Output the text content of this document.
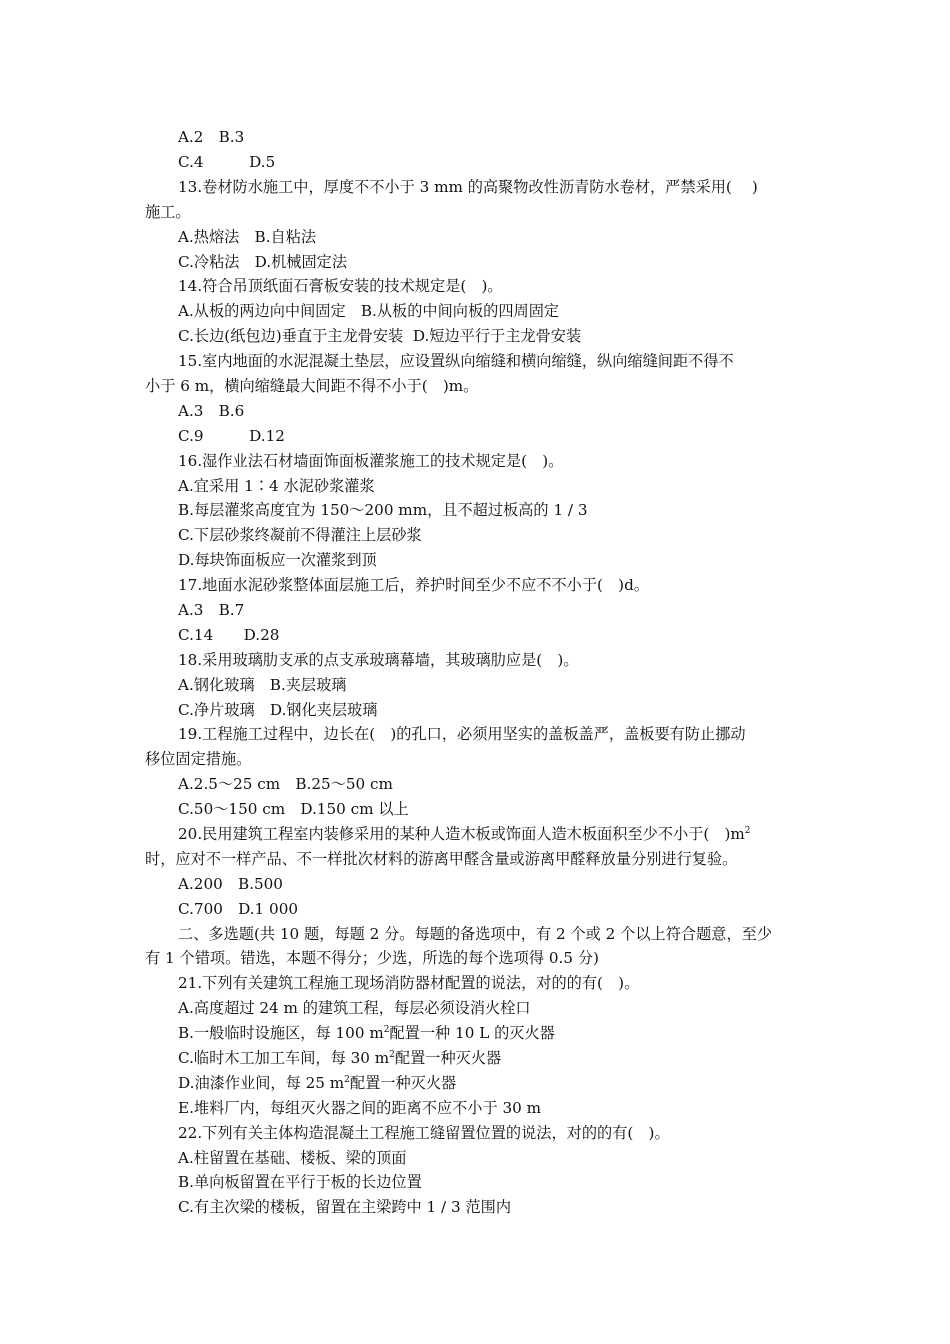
A.2　B.3
C.4　　　D.5
13.卷材防水施工中，厚度不不小于 3 mm 的高聚物改性沥青防水卷材，严禁采用(　 )
施工。
A.热熔法　B.自粘法
C.冷粘法　D.机械固定法
14.符合吊顶纸面石膏板安装的技术规定是(　)。
A.从板的两边向中间固定　B.从板的中间向板的四周固定
C.长边(纸包边)垂直于主龙骨安装  D.短边平行于主龙骨安装
15.室内地面的水泥混凝土垫层，应设置纵向缩缝和横向缩缝，纵向缩缝间距不得不
小于 6 m，横向缩缝最大间距不得不小于(　)m。
A.3　B.6
C.9　　　D.12
16.湿作业法石材墙面饰面板灌浆施工的技术规定是(　)。
A.宜采用 1∶4 水泥砂浆灌浆
B.每层灌浆高度宜为 150～200 mm，且不超过板高的 1 / 3
C.下层砂浆终凝前不得灌注上层砂浆
D.每块饰面板应一次灌浆到顶
17.地面水泥砂浆整体面层施工后，养护时间至少不应不不小于(　)d。
A.3　B.7
C.14　　D.28
18.采用玻璃肋支承的点支承玻璃幕墙，其玻璃肋应是(　)。
A.钢化玻璃　B.夹层玻璃
C.净片玻璃　D.钢化夹层玻璃
19.工程施工过程中，边长在(　)的孔口，必须用坚实的盖板盖严，盖板要有防止挪动
移位固定措施。
A.2.5～25 cm　B.25～50 cm
C.50～150 cm　D.150 cm 以上
20.民用建筑工程室内装修采用的某种人造木板或饰面人造木板面积至少不小于(　)$m^2$
时，应对不一样产品、不一样批次材料的游离甲醛含量或游离甲醛释放量分别进行复验。
A.200　B.500
C.700　D.1 000
二、多选题(共 10 题，每题 2 分。每题的备选项中，有 2 个或 2 个以上符合题意，至少
有 1 个错项。错选，本题不得分；少选，所选的每个选项得 0.5 分)
21.下列有关建筑工程施工现场消防器材配置的说法，对的的有(　)。
A.高度超过 24 m 的建筑工程，每层必须设消火栓口
B.一般临时设施区，每 100 $m^2$配置一种 10 L 的灭火器
C.临时木工加工车间，每 30 $m^2$配置一种灭火器
D.油漆作业间，每 25 $m^2$配置一种灭火器
E.堆料厂内，每组灭火器之间的距离不应不小于 30 m
22.下列有关主体构造混凝土工程施工缝留置位置的说法，对的的有(　)。
A.柱留置在基础、楼板、梁的顶面
B.单向板留置在平行于板的长边位置
C.有主次梁的楼板，留置在主梁跨中 1 / 3 范围内
